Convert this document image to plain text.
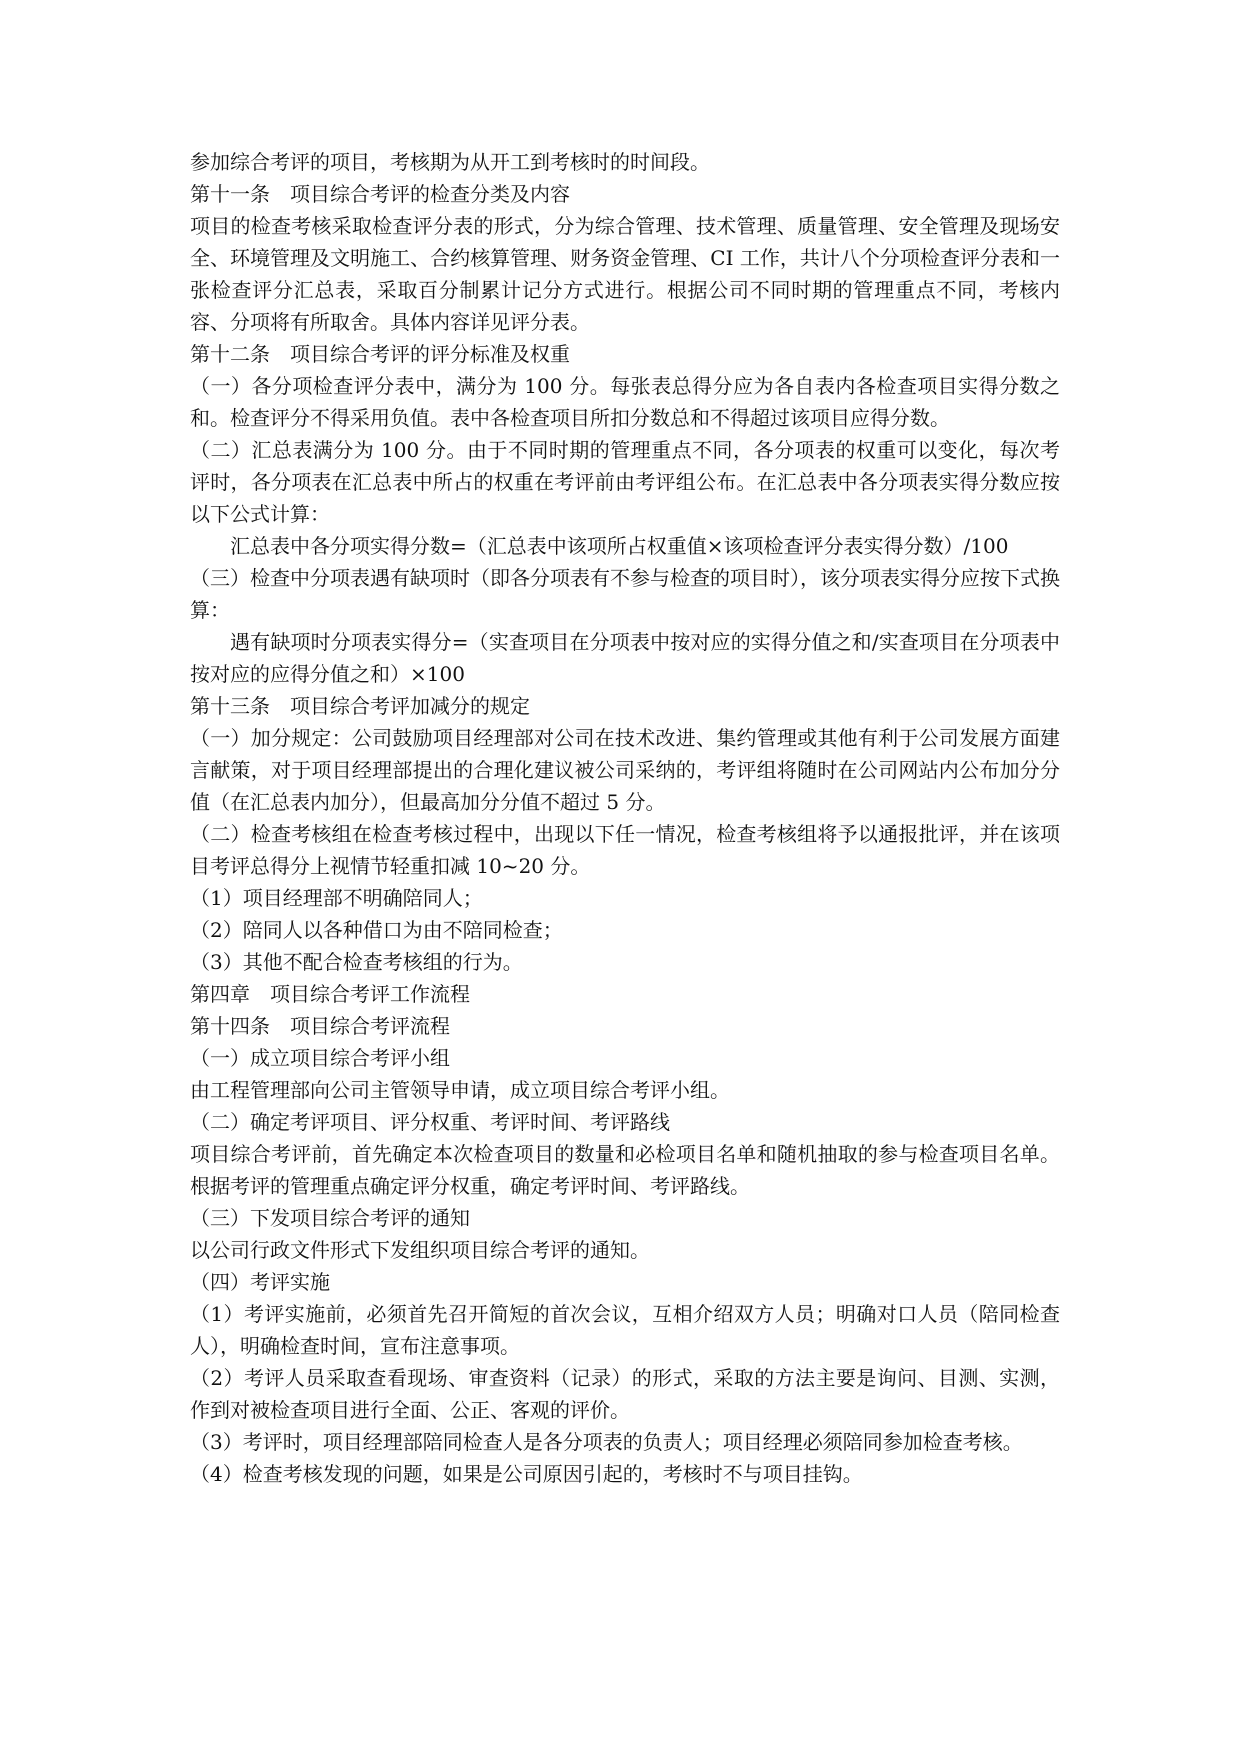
参加综合考评的项目，考核期为从开工到考核时的时间段。

第十一条　项目综合考评的检查分类及内容

项目的检查考核采取检查评分表的形式，分为综合管理、技术管理、质量管理、安全管理及现场安全、环境管理及文明施工、合约核算管理、财务资金管理、CI 工作，共计八个分项检查评分表和一张检查评分汇总表，采取百分制累计记分方式进行。根据公司不同时期的管理重点不同，考核内容、分项将有所取舍。具体内容详见评分表。

第十二条　项目综合考评的评分标准及权重

（一）各分项检查评分表中，满分为 100 分。每张表总得分应为各自表内各检查项目实得分数之和。检查评分不得采用负值。表中各检查项目所扣分数总和不得超过该项目应得分数。

（二）汇总表满分为 100 分。由于不同时期的管理重点不同，各分项表的权重可以变化，每次考评时，各分项表在汇总表中所占的权重在考评前由考评组公布。在汇总表中各分项表实得分数应按以下公式计算：

汇总表中各分项实得分数=（汇总表中该项所占权重值×该项检查评分表实得分数）/100

（三）检查中分项表遇有缺项时（即各分项表有不参与检查的项目时），该分项表实得分应按下式换算：

遇有缺项时分项表实得分=（实查项目在分项表中按对应的实得分值之和/实查项目在分项表中按对应的应得分值之和）×100

第十三条　项目综合考评加减分的规定

（一）加分规定：公司鼓励项目经理部对公司在技术改进、集约管理或其他有利于公司发展方面建言献策，对于项目经理部提出的合理化建议被公司采纳的，考评组将随时在公司网站内公布加分分值（在汇总表内加分），但最高加分分值不超过 5 分。

（二）检查考核组在检查考核过程中，出现以下任一情况，检查考核组将予以通报批评，并在该项目考评总得分上视情节轻重扣减 10~20 分。

（1）项目经理部不明确陪同人；

（2）陪同人以各种借口为由不陪同检查；

（3）其他不配合检查考核组的行为。

第四章　项目综合考评工作流程

第十四条　项目综合考评流程

（一）成立项目综合考评小组

由工程管理部向公司主管领导申请，成立项目综合考评小组。

（二）确定考评项目、评分权重、考评时间、考评路线

项目综合考评前，首先确定本次检查项目的数量和必检项目名单和随机抽取的参与检查项目名单。根据考评的管理重点确定评分权重，确定考评时间、考评路线。

（三）下发项目综合考评的通知

以公司行政文件形式下发组织项目综合考评的通知。

（四）考评实施

（1）考评实施前，必须首先召开简短的首次会议，互相介绍双方人员；明确对口人员（陪同检查人），明确检查时间，宣布注意事项。

（2）考评人员采取查看现场、审查资料（记录）的形式，采取的方法主要是询问、目测、实测，作到对被检查项目进行全面、公正、客观的评价。

（3）考评时，项目经理部陪同检查人是各分项表的负责人；项目经理必须陪同参加检查考核。

（4）检查考核发现的问题，如果是公司原因引起的，考核时不与项目挂钩。
